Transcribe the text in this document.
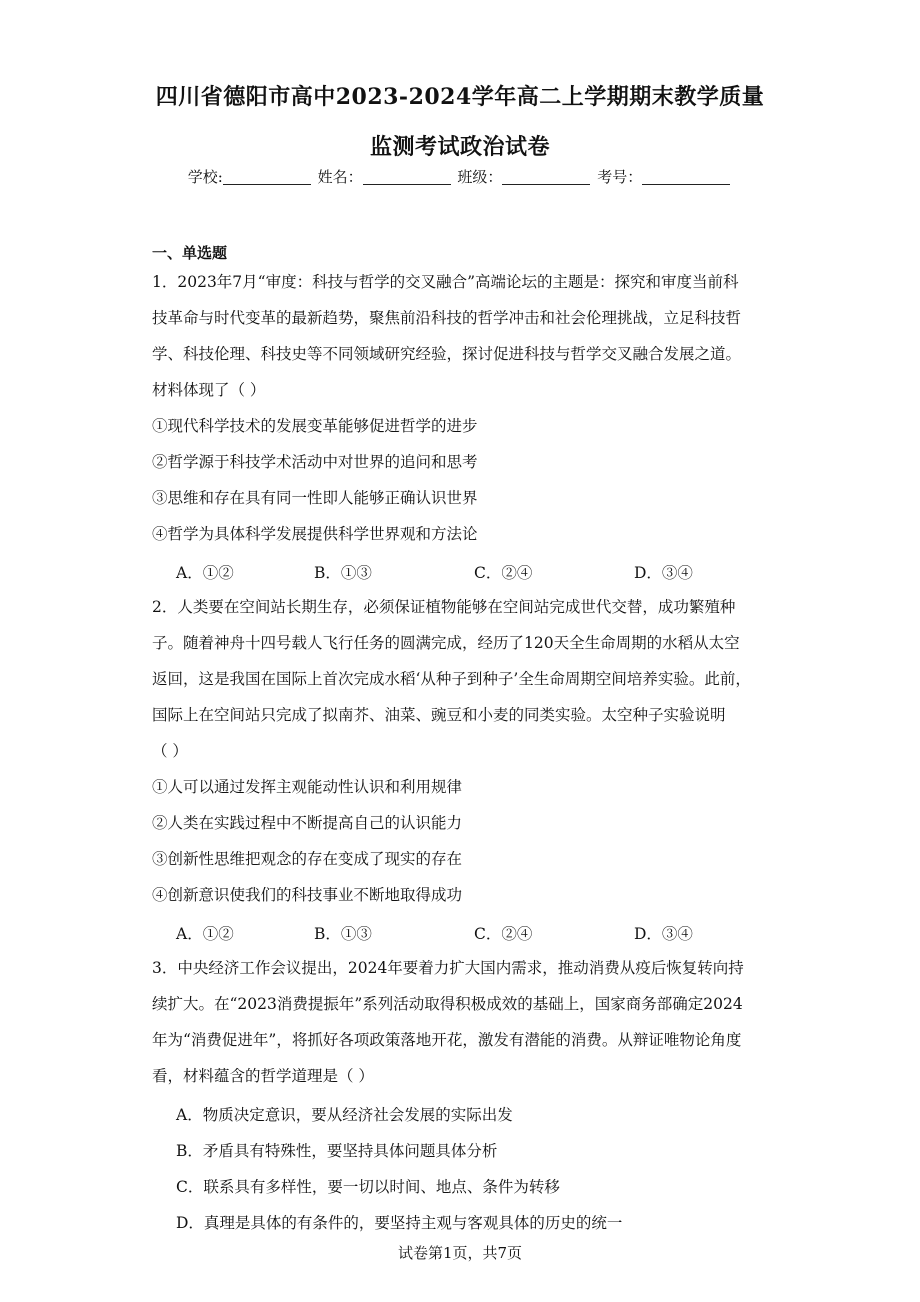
四川省德阳市高中2023-2024学年高二上学期期末教学质量
监测考试政治试卷
学校:	姓名：	班级：	考号：
一、单选题
1．2023年7月“审度：科技与哲学的交叉融合”高端论坛的主题是：探究和审度当前科
技革命与时代变革的最新趋势，聚焦前沿科技的哲学冲击和社会伦理挑战，立足科技哲
学、科技伦理、科技史等不同领域研究经验，探讨促进科技与哲学交叉融合发展之道。
材料体现了（ ）
①现代科学技术的发展变革能够促进哲学的进步
②哲学源于科技学术活动中对世界的追问和思考
③思维和存在具有同一性即人能够正确认识世界
④哲学为具体科学发展提供科学世界观和方法论
A．①②	B．①③	C．②④	D．③④
2．人类要在空间站长期生存，必须保证植物能够在空间站完成世代交替，成功繁殖种
子。随着神舟十四号载人飞行任务的圆满完成，经历了120天全生命周期的水稻从太空
返回，这是我国在国际上首次完成水稻‘从种子到种子’全生命周期空间培养实验。此前，
国际上在空间站只完成了拟南芥、油菜、豌豆和小麦的同类实验。太空种子实验说明
（ ）
①人可以通过发挥主观能动性认识和利用规律
②人类在实践过程中不断提高自己的认识能力
③创新性思维把观念的存在变成了现实的存在
④创新意识使我们的科技事业不断地取得成功
A．①②	B．①③	C．②④	D．③④
3．中央经济工作会议提出，2024年要着力扩大国内需求，推动消费从疫后恢复转向持
续扩大。在“2023消费提振年”系列活动取得积极成效的基础上，国家商务部确定2024
年为“消费促进年”，将抓好各项政策落地开花，激发有潜能的消费。从辩证唯物论角度
看，材料蕴含的哲学道理是（ ）
A．物质决定意识，要从经济社会发展的实际出发
B．矛盾具有特殊性，要坚持具体问题具体分析
C．联系具有多样性，要一切以时间、地点、条件为转移
D．真理是具体的有条件的，要坚持主观与客观具体的历史的统一
试卷第1页，共7页
